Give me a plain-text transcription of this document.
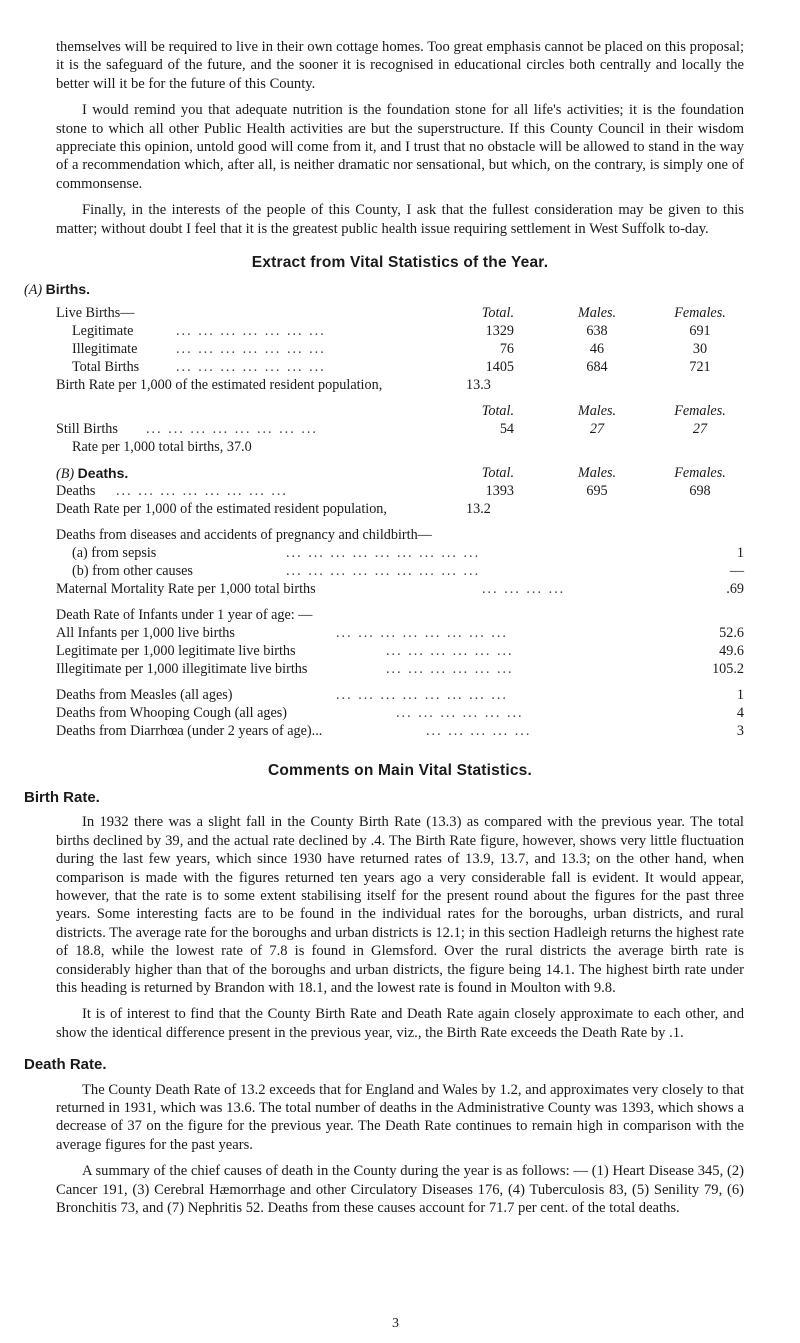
themselves will be required to live in their own cottage homes. Too great emphasis cannot be placed on this proposal; it is the safeguard of the future, and the sooner it is recognised in educational circles both centrally and locally the better will it be for the future of this County.

I would remind you that adequate nutrition is the foundation stone for all life's activities; it is the foundation stone to which all other Public Health activities are but the superstructure. If this County Council in their wisdom appreciate this opinion, untold good will come from it, and I trust that no obstacle will be allowed to stand in the way of a recommendation which, after all, is neither dramatic nor sensational, but which, on the contrary, is simply one of commonsense.

Finally, in the interests of the people of this County, I ask that the fullest consideration may be given to this matter; without doubt I feel that it is the greatest public health issue requiring settlement in West Suffolk to-day.

Extract from Vital Statistics of the Year.
(A) Births.
Live Births—	Total.	Males.	Females.
Legitimate	... ... ... ... ... ... ...	1329	638	691
Illegitimate	... ... ... ... ... ... ...	76	46	30
Total Births	... ... ... ... ... ... ...	1405	684	721
Birth Rate per 1,000 of the estimated resident population,	13.3
Total.	Males.	Females.
Still Births ... ... ... ... ... ... ... ...	54	27	27
Rate per 1,000 total births, 37.0
(B) Deaths.	Total.	Males.	Females.
Deaths ... ... ... ... ... ... ... ...	1393	695	698
Death Rate per 1,000 of the estimated resident population,	13.2
Deaths from diseases and accidents of pregnancy and childbirth—
(a) from sepsis	... ... ... ... ... ... ... ... ...	1
(b) from other causes	... ... ... ... ... ... ... ... ...	—
Maternal Mortality Rate per 1,000 total births	... ... ... ...	.69
Death Rate of Infants under 1 year of age: —
All Infants per 1,000 live births	... ... ... ... ... ... ... ...	52.6
Legitimate per 1,000 legitimate live births	... ... ... ... ... ...	49.6
Illegitimate per 1,000 illegitimate live births	... ... ... ... ... ...	105.2
Deaths from Measles (all ages)	... ... ... ... ... ... ... ...	1
Deaths from Whooping Cough (all ages)	... ... ... ... ... ...	4
Deaths from Diarrhœa (under 2 years of age)...	... ... ... ... ...	3
Comments on Main Vital Statistics.
Birth Rate.

In 1932 there was a slight fall in the County Birth Rate (13.3) as compared with the previous year. The total births declined by 39, and the actual rate declined by .4. The Birth Rate figure, however, shows very little fluctuation during the last few years, which since 1930 have returned rates of 13.9, 13.7, and 13.3; on the other hand, when comparison is made with the figures returned ten years ago a very considerable fall is evident. It would appear, however, that the rate is to some extent stabilising itself for the present round about the figures for the past three years. Some interesting facts are to be found in the individual rates for the boroughs, urban districts, and rural districts. The average rate for the boroughs and urban districts is 12.1; in this section Hadleigh returns the highest rate of 18.8, while the lowest rate of 7.8 is found in Glemsford. Over the rural districts the average birth rate is considerably higher than that of the boroughs and urban districts, the figure being 14.1. The highest birth rate under this heading is returned by Brandon with 18.1, and the lowest rate is found in Moulton with 9.8.

It is of interest to find that the County Birth Rate and Death Rate again closely approximate to each other, and show the identical difference present in the previous year, viz., the Birth Rate exceeds the Death Rate by .1.

Death Rate.

The County Death Rate of 13.2 exceeds that for England and Wales by 1.2, and approximates very closely to that returned in 1931, which was 13.6. The total number of deaths in the Administrative County was 1393, which shows a decrease of 37 on the figure for the previous year. The Death Rate continues to remain high in comparison with the average figures for the past years.

A summary of the chief causes of death in the County during the year is as follows: — (1) Heart Disease 345, (2) Cancer 191, (3) Cerebral Hæmorrhage and other Circulatory Diseases 176, (4) Tuberculosis 83, (5) Senility 79, (6) Bronchitis 73, and (7) Nephritis 52. Deaths from these causes account for 71.7 per cent. of the total deaths.

3
